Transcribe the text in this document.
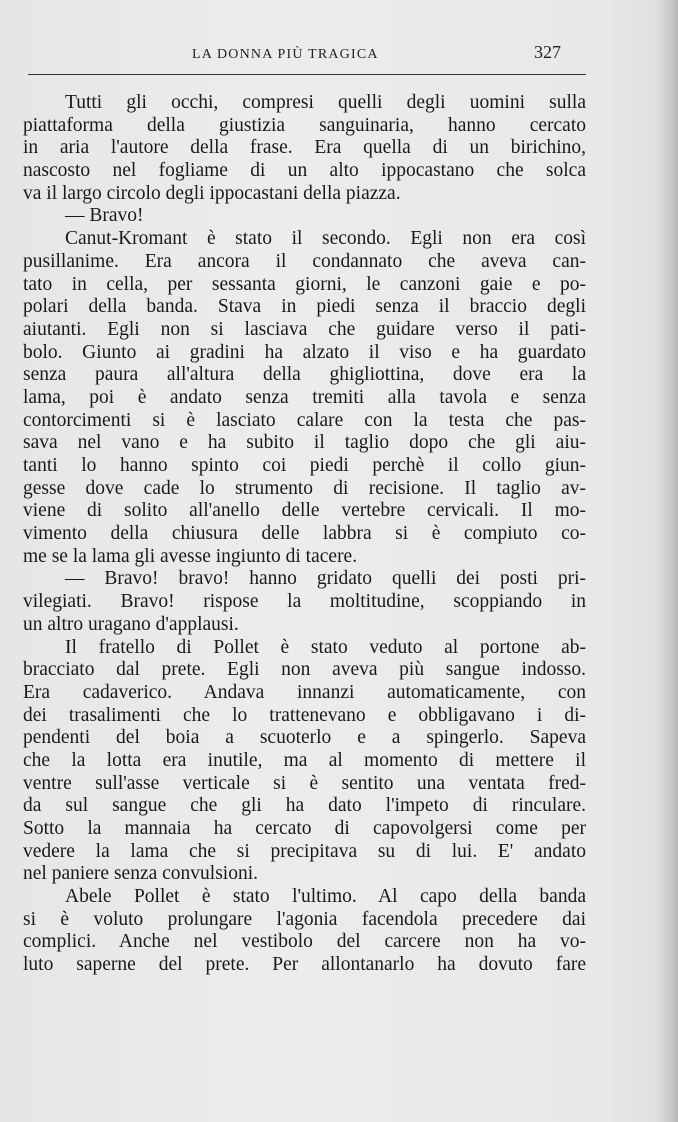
LA DONNA PIÙ TRAGICA	327
Tutti gli occhi, compresi quelli degli uomini sulla
piattaforma della giustizia sanguinaria, hanno cercato
in aria l'autore della frase. Era quella di un birichino,
nascosto nel fogliame di un alto ippocastano che solca
va il largo circolo degli ippocastani della piazza.
— Bravo!
Canut-Kromant è stato il secondo. Egli non era così
pusillanime. Era ancora il condannato che aveva can-
tato in cella, per sessanta giorni, le canzoni gaie e po-
polari della banda. Stava in piedi senza il braccio degli
aiutanti. Egli non si lasciava che guidare verso il pati-
bolo. Giunto ai gradini ha alzato il viso e ha guardato
senza paura all'altura della ghigliottina, dove era la
lama, poi è andato senza tremiti alla tavola e senza
contorcimenti si è lasciato calare con la testa che pas-
sava nel vano e ha subito il taglio dopo che gli aiu-
tanti lo hanno spinto coi piedi perchè il collo giun-
gesse dove cade lo strumento di recisione. Il taglio av-
viene di solito all'anello delle vertebre cervicali. Il mo-
vimento della chiusura delle labbra si è compiuto co-
me se la lama gli avesse ingiunto di tacere.
— Bravo! bravo! hanno gridato quelli dei posti pri-
vilegiati. Bravo! rispose la moltitudine, scoppiando in
un altro uragano d'applausi.
Il fratello di Pollet è stato veduto al portone ab-
bracciato dal prete. Egli non aveva più sangue indosso.
Era cadaverico. Andava innanzi automaticamente, con
dei trasalimenti che lo trattenevano e obbligavano i di-
pendenti del boia a scuoterlo e a spingerlo. Sapeva
che la lotta era inutile, ma al momento di mettere il
ventre sull'asse verticale si è sentito una ventata fred-
da sul sangue che gli ha dato l'impeto di rinculare.
Sotto la mannaia ha cercato di capovolgersi come per
vedere la lama che si precipitava su di lui. E' andato
nel paniere senza convulsioni.
Abele Pollet è stato l'ultimo. Al capo della banda
si è voluto prolungare l'agonia facendola precedere dai
complici. Anche nel vestibolo del carcere non ha vo-
luto saperne del prete. Per allontanarlo ha dovuto fare
